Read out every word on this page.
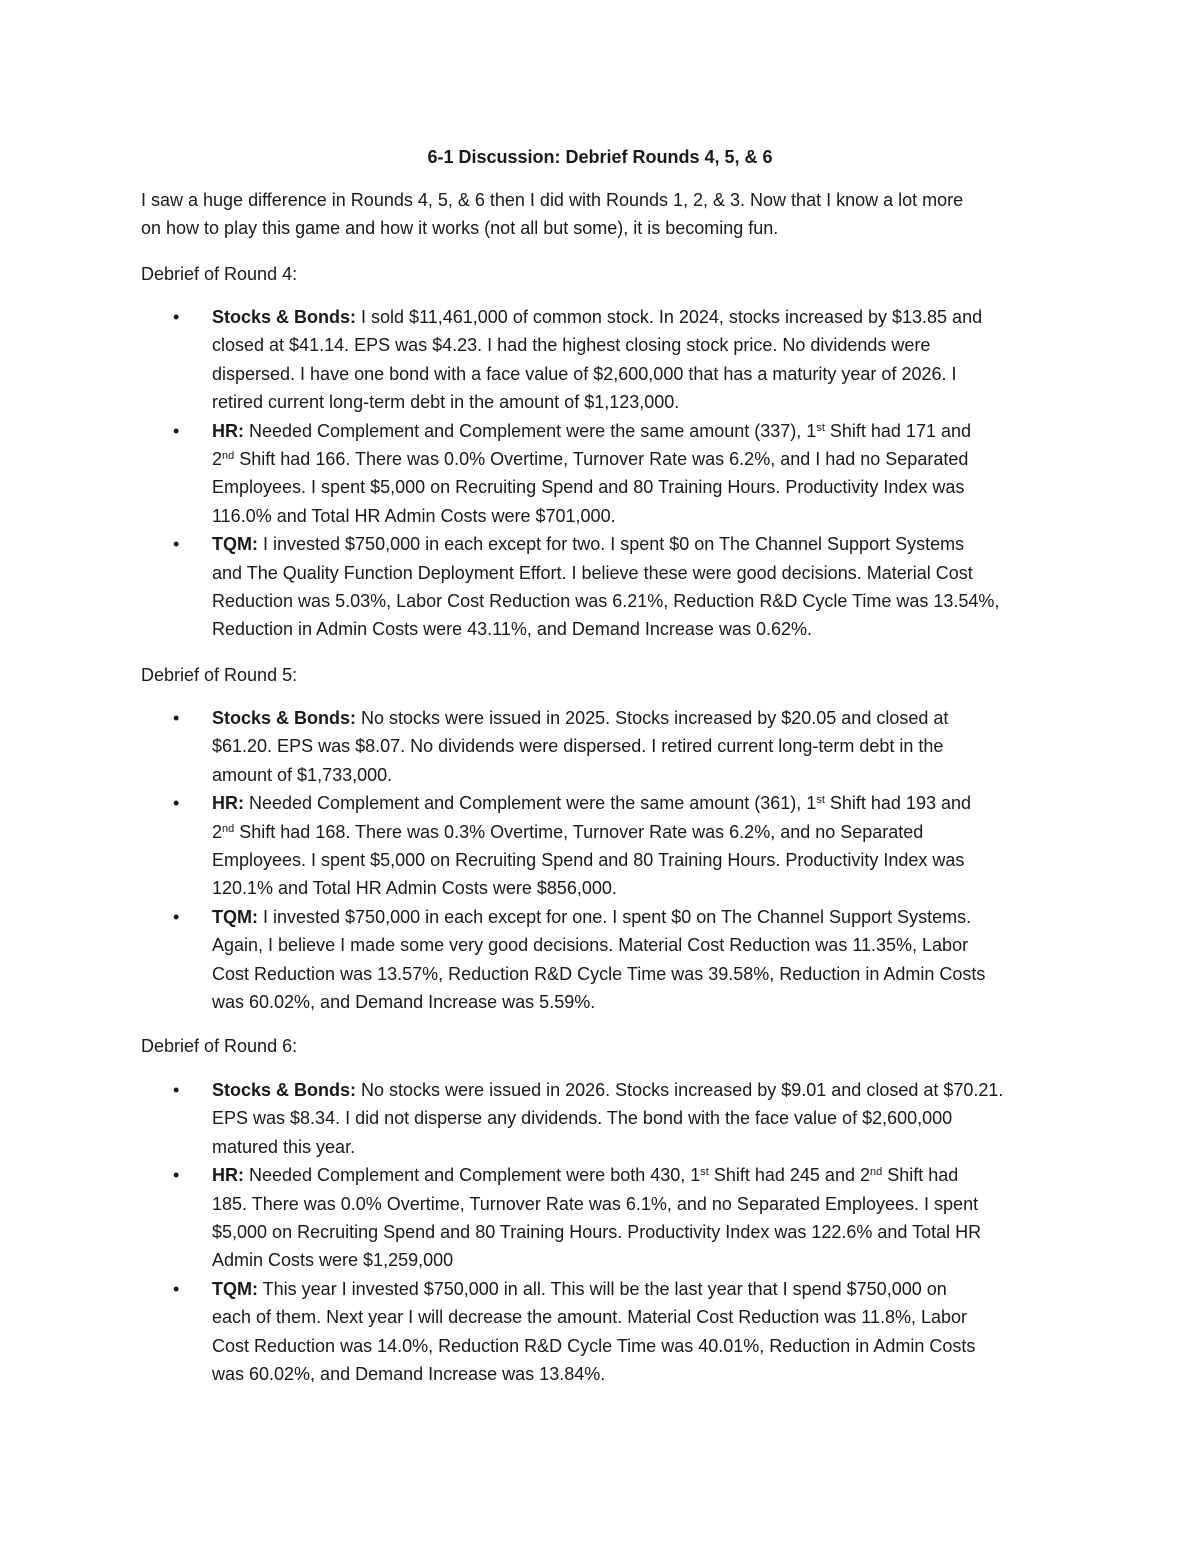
6-1 Discussion: Debrief Rounds 4, 5, & 6
I saw a huge difference in Rounds 4, 5, & 6 then I did with Rounds 1, 2, & 3. Now that I know a lot more
on how to play this game and how it works (not all but some), it is becoming fun.
Debrief of Round 4:
• Stocks & Bonds: I sold $11,461,000 of common stock. In 2024, stocks increased by $13.85 and
closed at $41.14. EPS was $4.23. I had the highest closing stock price. No dividends were
dispersed. I have one bond with a face value of $2,600,000 that has a maturity year of 2026. I
retired current long-term debt in the amount of $1,123,000.
• HR: Needed Complement and Complement were the same amount (337), 1st Shift had 171 and
2nd Shift had 166. There was 0.0% Overtime, Turnover Rate was 6.2%, and I had no Separated
Employees. I spent $5,000 on Recruiting Spend and 80 Training Hours. Productivity Index was
116.0% and Total HR Admin Costs were $701,000.
• TQM: I invested $750,000 in each except for two. I spent $0 on The Channel Support Systems
and The Quality Function Deployment Effort. I believe these were good decisions. Material Cost
Reduction was 5.03%, Labor Cost Reduction was 6.21%, Reduction R&D Cycle Time was 13.54%,
Reduction in Admin Costs were 43.11%, and Demand Increase was 0.62%.
Debrief of Round 5:
• Stocks & Bonds: No stocks were issued in 2025. Stocks increased by $20.05 and closed at
$61.20. EPS was $8.07. No dividends were dispersed. I retired current long-term debt in the
amount of $1,733,000.
• HR: Needed Complement and Complement were the same amount (361), 1st Shift had 193 and
2nd Shift had 168. There was 0.3% Overtime, Turnover Rate was 6.2%, and no Separated
Employees. I spent $5,000 on Recruiting Spend and 80 Training Hours. Productivity Index was
120.1% and Total HR Admin Costs were $856,000.
• TQM: I invested $750,000 in each except for one. I spent $0 on The Channel Support Systems.
Again, I believe I made some very good decisions. Material Cost Reduction was 11.35%, Labor
Cost Reduction was 13.57%, Reduction R&D Cycle Time was 39.58%, Reduction in Admin Costs
was 60.02%, and Demand Increase was 5.59%.
Debrief of Round 6:
• Stocks & Bonds: No stocks were issued in 2026. Stocks increased by $9.01 and closed at $70.21.
EPS was $8.34. I did not disperse any dividends. The bond with the face value of $2,600,000
matured this year.
• HR: Needed Complement and Complement were both 430, 1st Shift had 245 and 2nd Shift had
185. There was 0.0% Overtime, Turnover Rate was 6.1%, and no Separated Employees. I spent
$5,000 on Recruiting Spend and 80 Training Hours. Productivity Index was 122.6% and Total HR
Admin Costs were $1,259,000
• TQM: This year I invested $750,000 in all. This will be the last year that I spend $750,000 on
each of them. Next year I will decrease the amount. Material Cost Reduction was 11.8%, Labor
Cost Reduction was 14.0%, Reduction R&D Cycle Time was 40.01%, Reduction in Admin Costs
was 60.02%, and Demand Increase was 13.84%.
